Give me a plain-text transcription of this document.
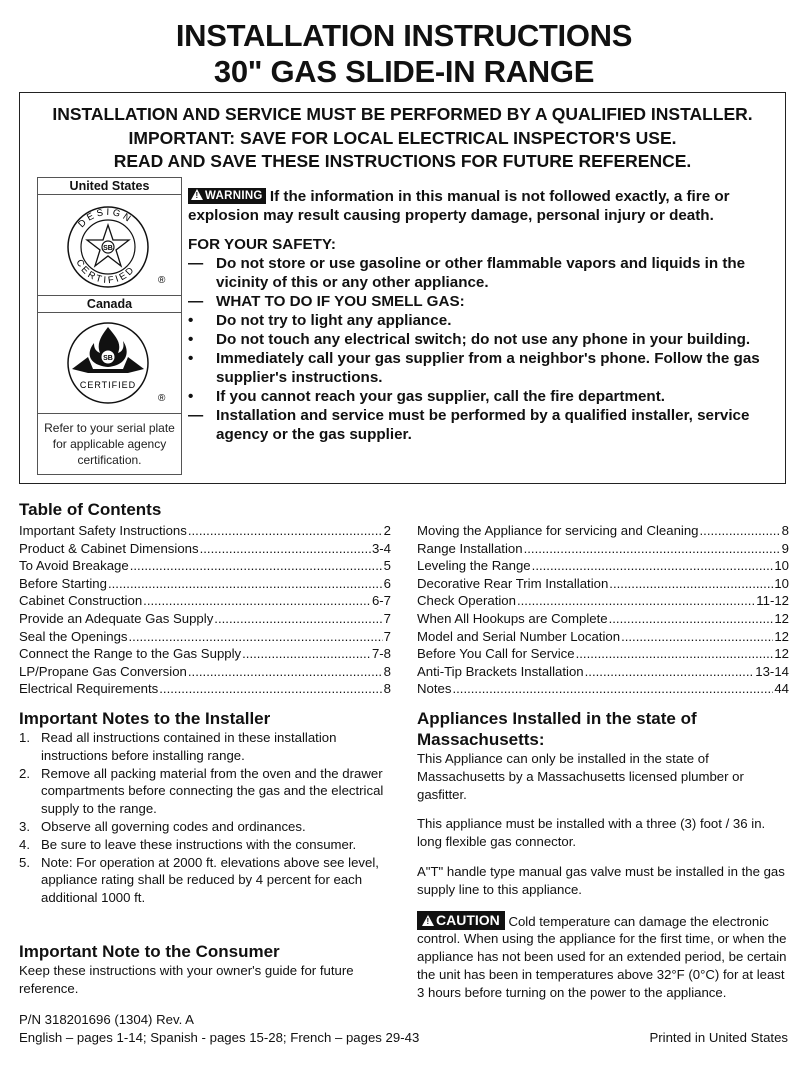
INSTALLATION INSTRUCTIONS
30" GAS SLIDE-IN RANGE
INSTALLATION AND SERVICE MUST BE PERFORMED BY A QUALIFIED INSTALLER.
IMPORTANT: SAVE FOR LOCAL ELECTRICAL INSPECTOR'S USE.
READ AND SAVE THESE INSTRUCTIONS FOR FUTURE REFERENCE.
United States
SB
DESIGN
CERTIFIED
®
Canada
SB
CERTIFIED
®
Refer to your serial plate for applicable agency certification.
! WARNING If the information in this manual is not followed exactly, a fire or explosion may result causing property damage, personal injury or death.
FOR YOUR SAFETY:
— Do not store or use gasoline or other flammable vapors and liquids in the vicinity of this or any other appliance.
— WHAT TO DO IF YOU SMELL GAS:
•	Do not try to light any appliance.
•	Do not touch any electrical switch; do not use any phone in your building.
•	Immediately call your gas supplier from a neighbor's phone. Follow the gas supplier's instructions.
•	If you cannot reach your gas supplier, call the fire department.
— Installation and service must be performed by a qualified installer, service agency or the gas supplier.
Table of Contents
Important Safety Instructions .....	2
Product & Cabinet Dimensions .....	3-4
To Avoid Breakage .....	5
Before Starting .....	6
Cabinet Construction .....	6-7
Provide an Adequate Gas Supply .....	7
Seal the Openings .....	7
Connect the Range to the Gas Supply .....	7-8
LP/Propane Gas Conversion .....	8
Electrical Requirements .....	8
Moving the Appliance for servicing and Cleaning .....	8
Range Installation .....	9
Leveling the Range .....	10
Decorative Rear Trim Installation .....	10
Check Operation .....	11-12
When All Hookups are Complete .....	12
Model and Serial Number Location .....	12
Before You Call for Service .....	12
Anti-Tip Brackets Installation .....	13-14
Notes .....	44
Important Notes to the Installer
1. Read all instructions contained in these installation instructions before installing range.
2. Remove all packing material from the oven and the drawer compartments before connecting the gas and the electrical supply to the range.
3. Observe all governing codes and ordinances.
4. Be sure to leave these instructions with the consumer.
5. Note: For operation at 2000 ft. elevations above see level, appliance rating shall be reduced by 4 percent for each additional 1000 ft.
Important Note to the Consumer
Keep these instructions with your owner's guide for future reference.
Appliances Installed in the state of Massachusetts:
This Appliance can only be installed in the state of Massachusetts by a Massachusetts licensed plumber or gasfitter.
This appliance must be installed with a three (3) foot / 36 in. long flexible gas connector.
A"T" handle type manual gas valve must be installed in the gas supply line to this appliance.
! CAUTION Cold temperature can damage the electronic control. When using the appliance for the first time, or when the appliance has not been used for an extended period, be certain the unit has been in temperatures above 32°F (0°C) for at least 3 hours before turning on the power to the appliance.
P/N 318201696 (1304) Rev. A
English – pages 1-14; Spanish - pages 15-28; French – pages 29-43	Printed in United States
